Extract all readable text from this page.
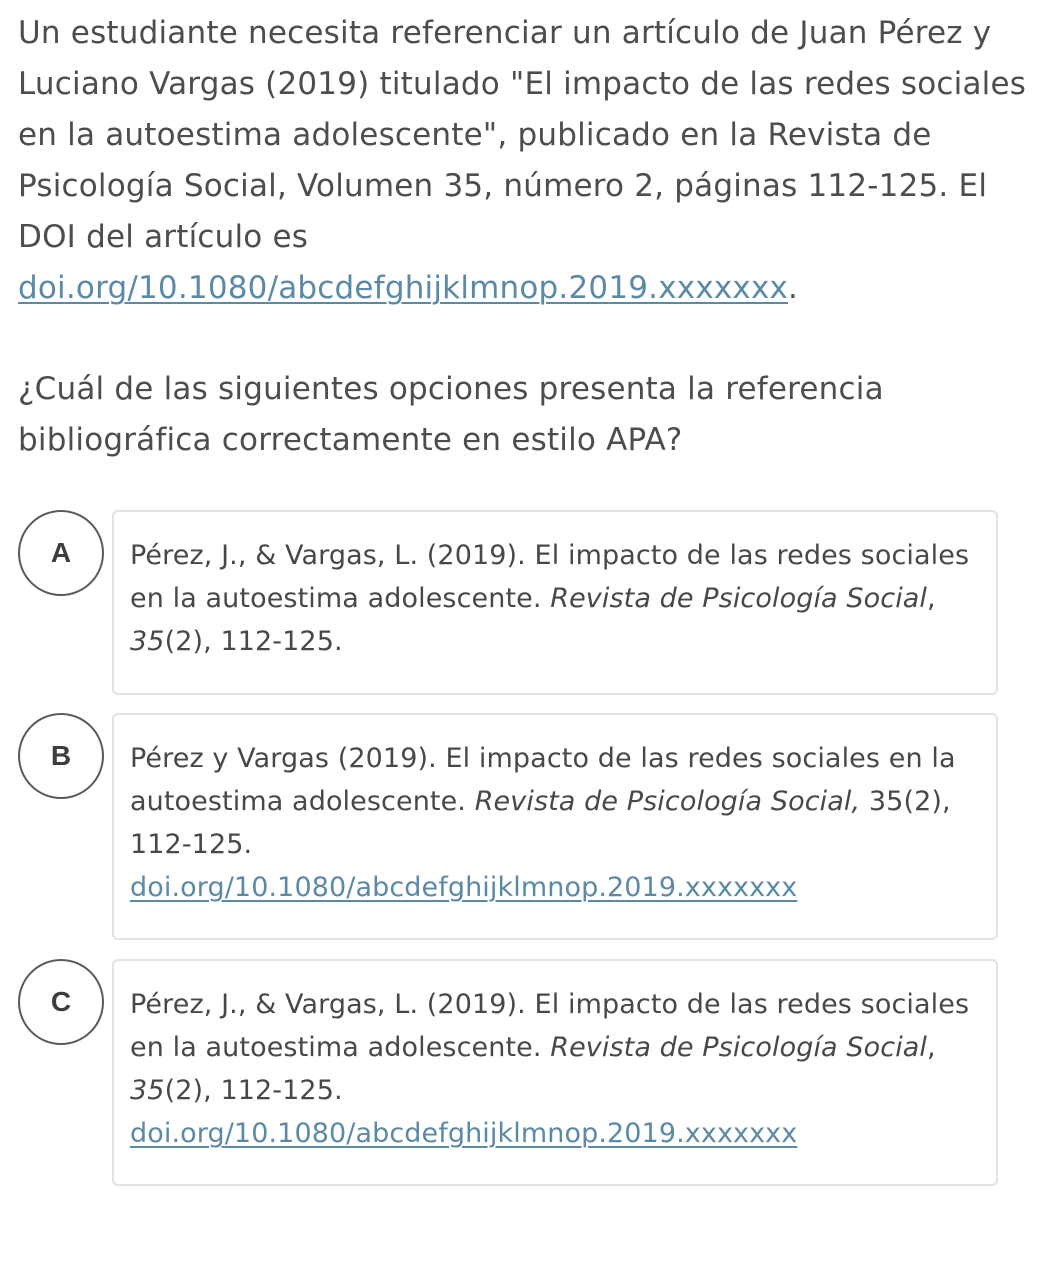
Un estudiante necesita referenciar un artículo de Juan Pérez y Luciano Vargas (2019) titulado "El impacto de las redes sociales en la autoestima adolescente", publicado en la Revista de Psicología Social, Volumen 35, número 2, páginas 112-125. El DOI del artículo es doi.org/10.1080/abcdefghijklmnop.2019.xxxxxxx.

¿Cuál de las siguientes opciones presenta la referencia bibliográfica correctamente en estilo APA?

A	Pérez, J., & Vargas, L. (2019). El impacto de las redes sociales en la autoestima adolescente. Revista de Psicología Social, 35(2), 112-125.
B	Pérez y Vargas (2019). El impacto de las redes sociales en la autoestima adolescente. Revista de Psicología Social, 35(2), 112-125.
doi.org/10.1080/abcdefghijklmnop.2019.xxxxxxx
C	Pérez, J., & Vargas, L. (2019). El impacto de las redes sociales en la autoestima adolescente. Revista de Psicología Social, 35(2), 112-125.
doi.org/10.1080/abcdefghijklmnop.2019.xxxxxxx
